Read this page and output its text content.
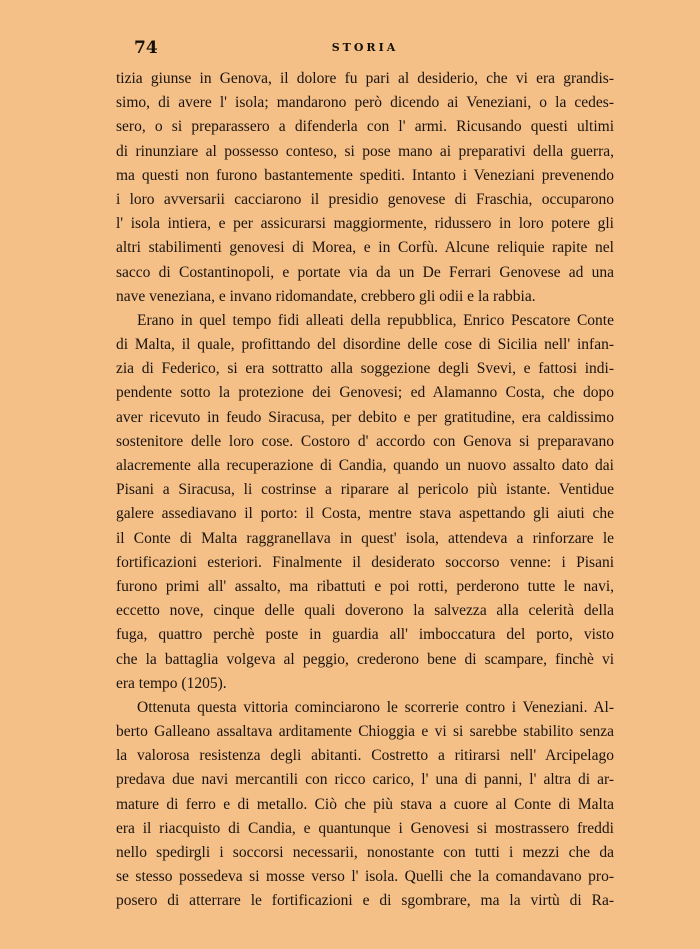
74	STORIA
tizia giunse in Genova, il dolore fu pari al desiderio, che vi era grandis-
simo, di avere l' isola; mandarono però dicendo ai Veneziani, o la cedes-
sero, o si preparassero a difenderla con l' armi. Ricusando questi ultimi
di rinunziare al possesso conteso, si pose mano ai preparativi della guerra,
ma questi non furono bastantemente spediti. Intanto i Veneziani prevenendo
i loro avversarii cacciarono il presidio genovese di Fraschia, occuparono
l' isola intiera, e per assicurarsi maggiormente, ridussero in loro potere gli
altri stabilimenti genovesi di Morea, e in Corfù. Alcune reliquie rapite nel
sacco di Costantinopoli, e portate via da un De Ferrari Genovese ad una
nave veneziana, e invano ridomandate, crebbero gli odii e la rabbia.
Erano in quel tempo fidi alleati della repubblica, Enrico Pescatore Conte
di Malta, il quale, profittando del disordine delle cose di Sicilia nell' infan-
zia di Federico, si era sottratto alla soggezione degli Svevi, e fattosi indi-
pendente sotto la protezione dei Genovesi; ed Alamanno Costa, che dopo
aver ricevuto in feudo Siracusa, per debito e per gratitudine, era caldissimo
sostenitore delle loro cose. Costoro d' accordo con Genova si preparavano
alacremente alla recuperazione di Candia, quando un nuovo assalto dato dai
Pisani a Siracusa, li costrinse a riparare al pericolo più istante. Ventidue
galere assediavano il porto: il Costa, mentre stava aspettando gli aiuti che
il Conte di Malta raggranellava in quest' isola, attendeva a rinforzare le
fortificazioni esteriori. Finalmente il desiderato soccorso venne: i Pisani
furono primi all' assalto, ma ribattuti e poi rotti, perderono tutte le navi,
eccetto nove, cinque delle quali doverono la salvezza alla celerità della
fuga, quattro perchè poste in guardia all' imboccatura del porto, visto
che la battaglia volgeva al peggio, crederono bene di scampare, finchè vi
era tempo (1205).
Ottenuta questa vittoria cominciarono le scorrerie contro i Veneziani. Al-
berto Galleano assaltava arditamente Chioggia e vi si sarebbe stabilito senza
la valorosa resistenza degli abitanti. Costretto a ritirarsi nell' Arcipelago
predava due navi mercantili con ricco carico, l' una di panni, l' altra di ar-
mature di ferro e di metallo. Ciò che più stava a cuore al Conte di Malta
era il riacquisto di Candia, e quantunque i Genovesi si mostrassero freddi
nello spedirgli i soccorsi necessarii, nonostante con tutti i mezzi che da
se stesso possedeva si mosse verso l' isola. Quelli che la comandavano pro-
posero di atterrare le fortificazioni e di sgombrare, ma la virtù di Ra-
